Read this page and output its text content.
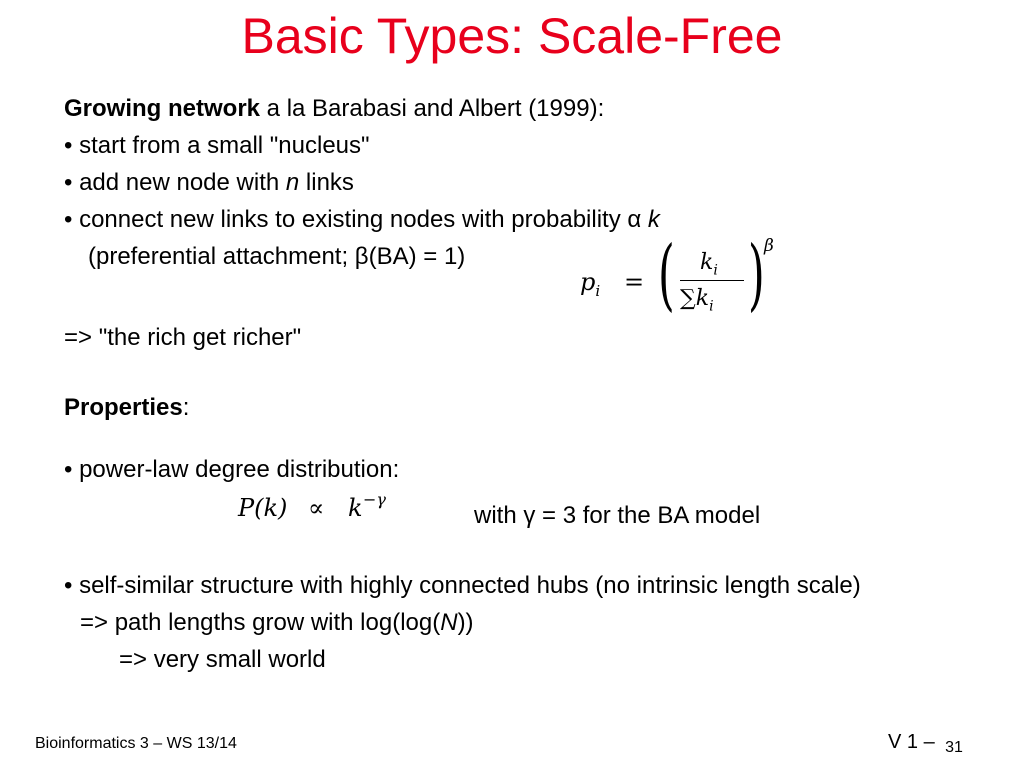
Basic Types: Scale-Free
Growing network a la Barabasi and Albert (1999):
• start from a small "nucleus"
• add new node with n links
• connect new links to existing nodes with probability α k
(preferential attachment; β(BA) = 1)
$p_i$ = ( $k_i$
$\sum k_i$ ) β
=> "the rich get richer"
Properties:
• power-law degree distribution:
P(k) ∝ k −γ
with γ = 3 for the BA model
• self-similar structure with highly connected hubs (no intrinsic length scale)
=> path lengths grow with log(log(N))
=> very small world
Bioinformatics 3 – WS 13/14	V 1 – 31
